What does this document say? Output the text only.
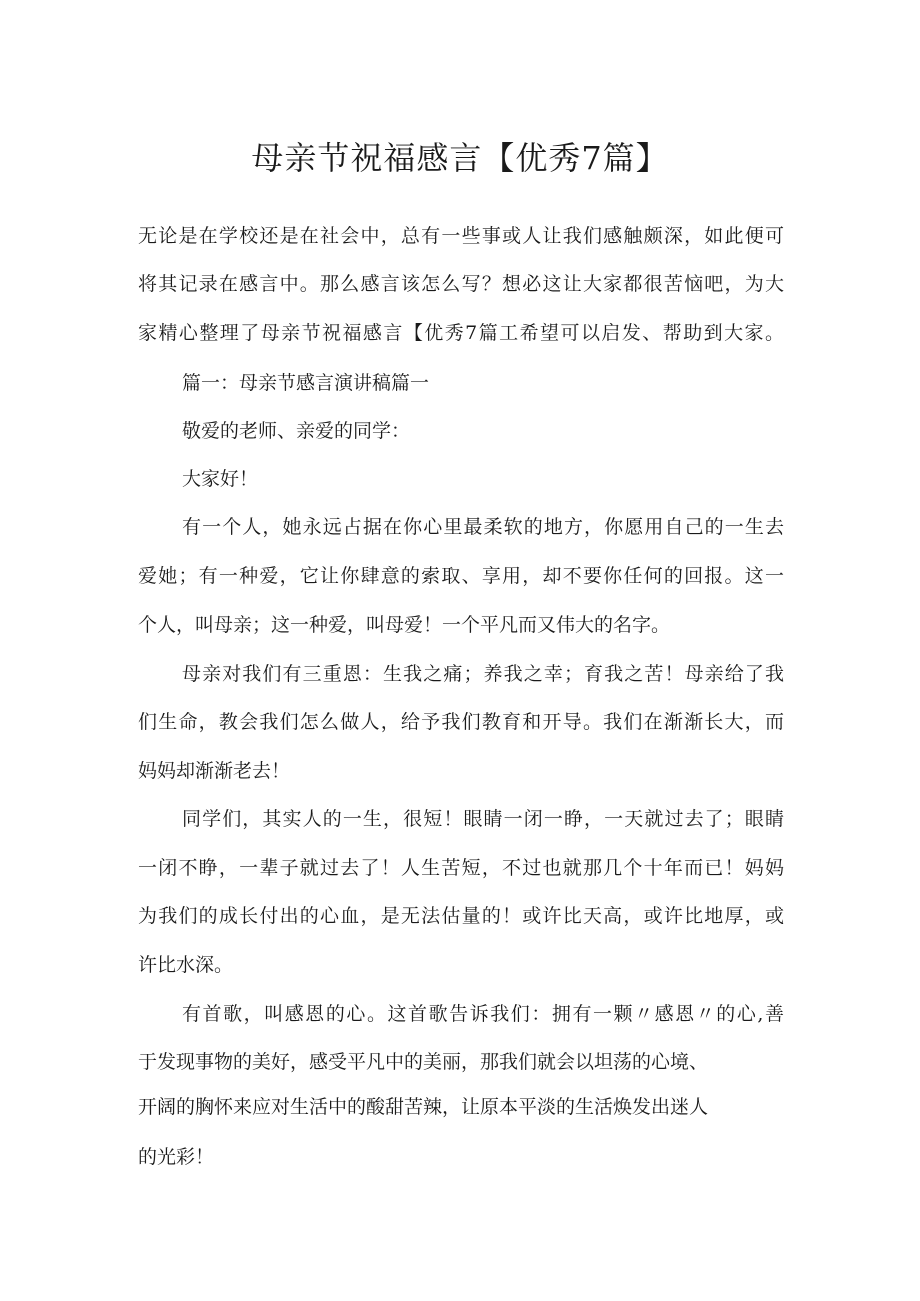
母亲节祝福感言【优秀7篇】
无论是在学校还是在社会中，总有一些事或人让我们感触颇深，如此便可
将其记录在感言中。那么感言该怎么写？想必这让大家都很苦恼吧，为大
家精心整理了母亲节祝福感言【优秀7篇工希望可以启发、帮助到大家。
篇一：母亲节感言演讲稿篇一
敬爱的老师、亲爱的同学：
大家好！
有一个人，她永远占据在你心里最柔软的地方，你愿用自己的一生去
爱她；有一种爱，它让你肆意的索取、享用，却不要你任何的回报。这一
个人，叫母亲；这一种爱，叫母爱！一个平凡而又伟大的名字。
母亲对我们有三重恩：生我之痛；养我之幸；育我之苦！母亲给了我
们生命，教会我们怎么做人，给予我们教育和开导。我们在渐渐长大，而
妈妈却渐渐老去！
同学们，其实人的一生，很短！眼睛一闭一睁，一天就过去了；眼睛
一闭不睁，一辈子就过去了！人生苦短，不过也就那几个十年而已！妈妈
为我们的成长付出的心血，是无法估量的！或许比天高，或许比地厚，或
许比水深。
有首歌，叫感恩的心。这首歌告诉我们：拥有一颗〃感恩〃的心,善
于发现事物的美好，感受平凡中的美丽，那我们就会以坦荡的心境、
开阔的胸怀来应对生活中的酸甜苦辣，让原本平淡的生活焕发出迷人
的光彩！
